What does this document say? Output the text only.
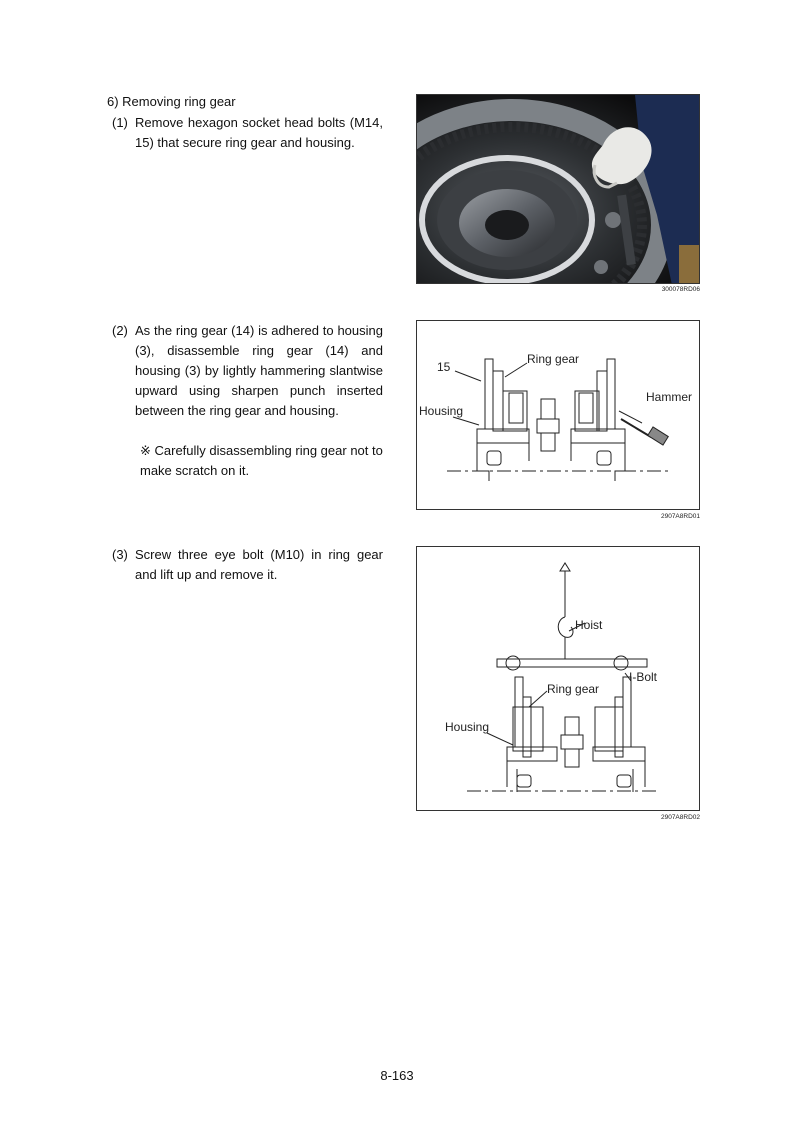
6) Removing ring gear
(1) Remove hexagon socket head bolts (M14, 15) that secure ring gear and housing.
(2) As the ring gear (14) is adhered to housing (3), disassemble ring gear (14) and housing (3) by lightly hammering slantwise upward using sharpen punch inserted between the ring gear and housing.
※ Carefully disassembling ring gear not to make scratch on it.
(3) Screw three eye bolt (M10) in ring gear and lift up and remove it.
300078RD06
15
Ring gear
Hammer
Housing
2907A8RD01
Hoist
I-Bolt
Ring gear
Housing
2907A8RD02
8-163
